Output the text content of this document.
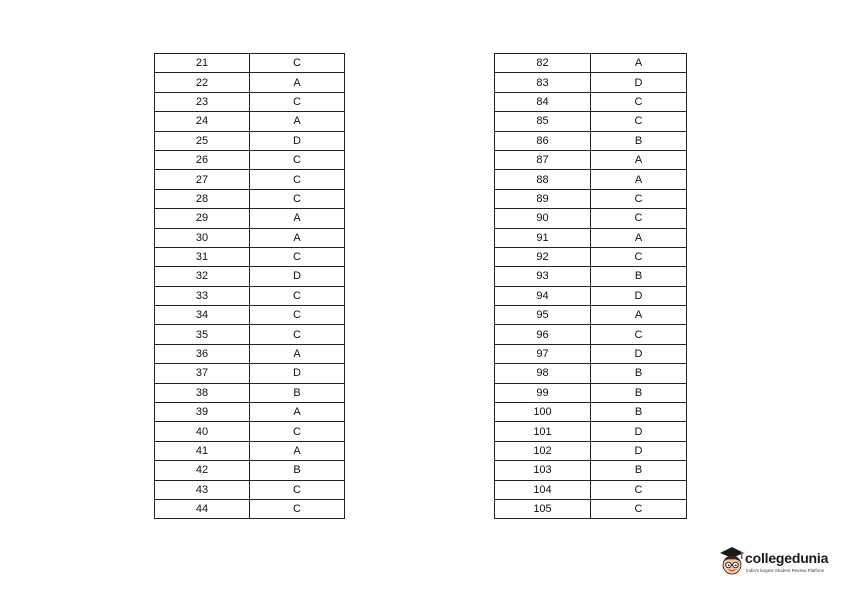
21	C
22	A
23	C
24	A
25	D
26	C
27	C
28	C
29	A
30	A
31	C
32	D
33	C
34	C
35	C
36	A
37	D
38	B
39	A
40	C
41	A
42	B
43	C
44	C
82	A
83	D
84	C
85	C
86	B
87	A
88	A
89	C
90	C
91	A
92	C
93	B
94	D
95	A
96	C
97	D
98	B
99	B
100	B
101	D
102	D
103	B
104	C
105	C
collegedunia
India's largest Student Review Platform
